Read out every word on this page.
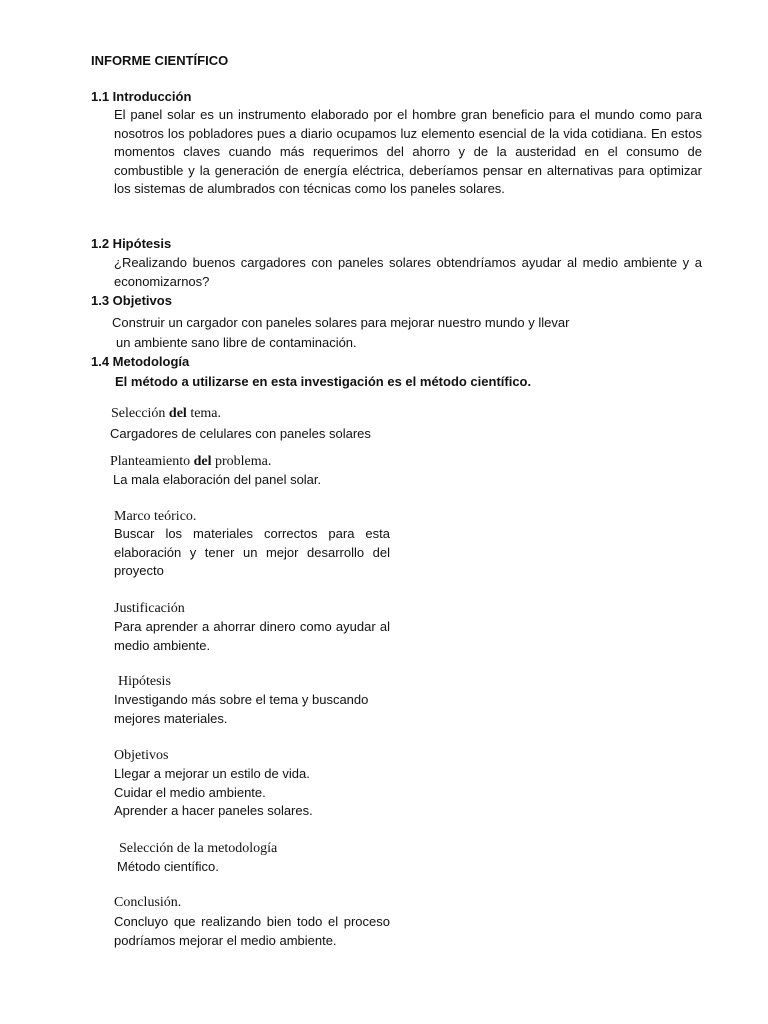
INFORME CIENTÍFICO
1.1 Introducción
El panel solar es un instrumento elaborado por el hombre gran beneficio para el mundo como para nosotros los pobladores pues a diario ocupamos luz elemento esencial de la vida cotidiana. En estos momentos claves cuando más requerimos del ahorro y de la austeridad en el consumo de combustible y la generación de energía eléctrica, deberíamos pensar en alternativas para optimizar los sistemas de alumbrados con técnicas como los paneles solares.
1.2 Hipótesis
¿Realizando buenos cargadores con paneles solares obtendríamos ayudar al medio ambiente y a economizarnos?
1.3 Objetivos
Construir un cargador con paneles solares para mejorar nuestro mundo y llevar
un ambiente sano libre de contaminación.
1.4 Metodología
El método a utilizarse en esta investigación es el método científico.
Selección del tema.
Cargadores de celulares con paneles solares
Planteamiento del problema.
La mala elaboración del panel solar.
Marco teórico.
Buscar los materiales correctos para esta elaboración y tener un mejor desarrollo del proyecto
Justificación
Para aprender a ahorrar dinero como ayudar al medio ambiente.
Hipótesis
Investigando más sobre el tema y buscando mejores materiales.
Objetivos
Llegar a mejorar un estilo de vida.
Cuidar el medio ambiente.
Aprender a hacer paneles solares.
Selección de la metodología
Método científico.
Conclusión.
Concluyo que realizando bien todo el proceso podríamos mejorar el medio ambiente.
